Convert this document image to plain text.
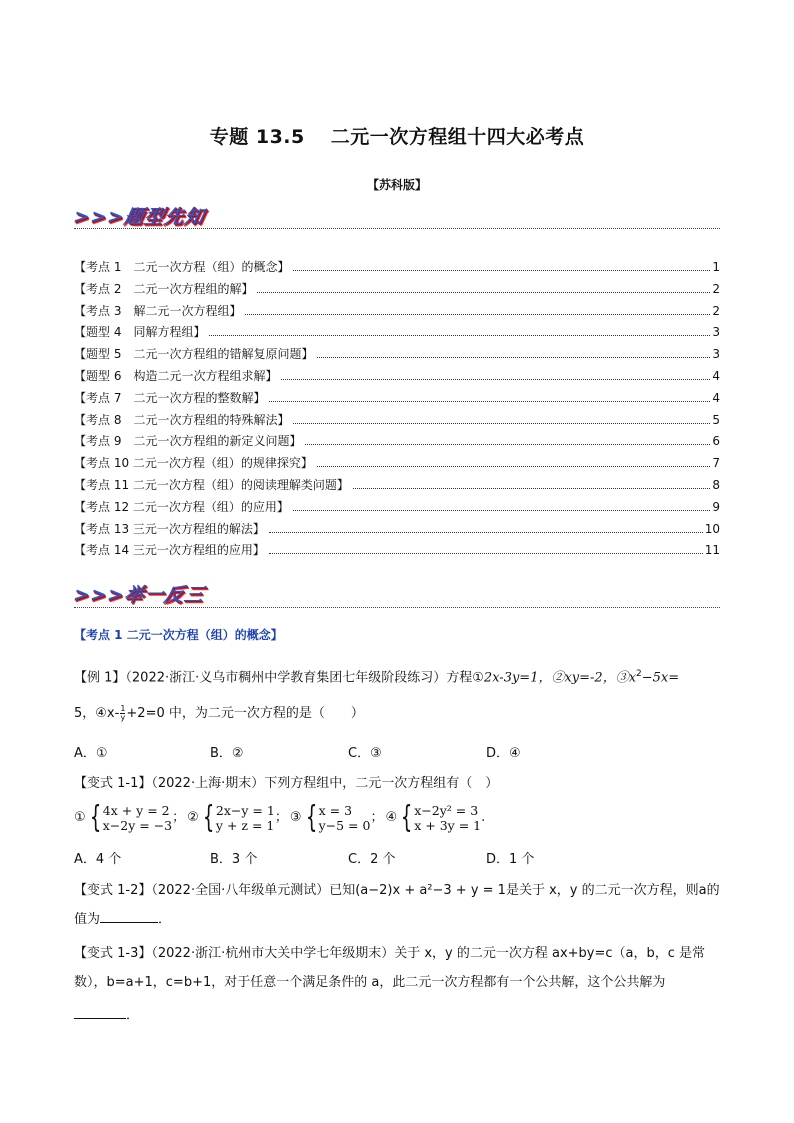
专题 13.5 二元一次方程组十四大必考点
【苏科版】
>>>题型先知
【考点 1　二元一次方程（组）的概念】	1
【考点 2　二元一次方程组的解】	2
【考点 3　解二元一次方程组】	2
【题型 4　同解方程组】	3
【题型 5　二元一次方程组的错解复原问题】	3
【题型 6　构造二元一次方程组求解】	4
【考点 7　二元一次方程的整数解】	4
【考点 8　二元一次方程组的特殊解法】	5
【考点 9　二元一次方程组的新定义问题】	6
【考点 10 二元一次方程（组）的规律探究】	7
【考点 11 二元一次方程（组）的阅读理解类问题】	8
【考点 12 二元一次方程（组）的应用】	9
【考点 13 三元一次方程组的解法】	10
【考点 14 三元一次方程组的应用】	11
>>>举一反三
【考点 1 二元一次方程（组）的概念】
【例 1】（2022·浙江·义乌市稠州中学教育集团七年级阶段练习）方程①2x-3y=1，②xy=-2，$③x^2-5x=$
5，④x- $\frac{1}{y} +2=0$ 中，为二元一次方程的是（　　）
A．①	B．②	C．③	D．④
【变式 1-1】（2022·上海·期末）下列方程组中，二元一次方程组有（　）
① { 4x + y = 2
x−2y = −3
； ② { 2x−y = 1
y + z = 1
； ③ { x = 3
y−5 = 0
； ④ { x−2y² = 3
x + 3y = 1
.
A．4 个	B．3 个	C．2 个	D．1 个
【变式 1-2】（2022·全国·八年级单元测试）已知(a−2)x + a²−3 + y = 1是关于 x，y 的二元一次方程，则a的
值为	．
【变式 1-3】（2022·浙江·杭州市大关中学七年级期末）关于 x，y 的二元一次方程 ax+by=c（a，b，c 是常
数），b=a+1，c=b+1，对于任意一个满足条件的 a，此二元一次方程都有一个公共解，这个公共解为
．
